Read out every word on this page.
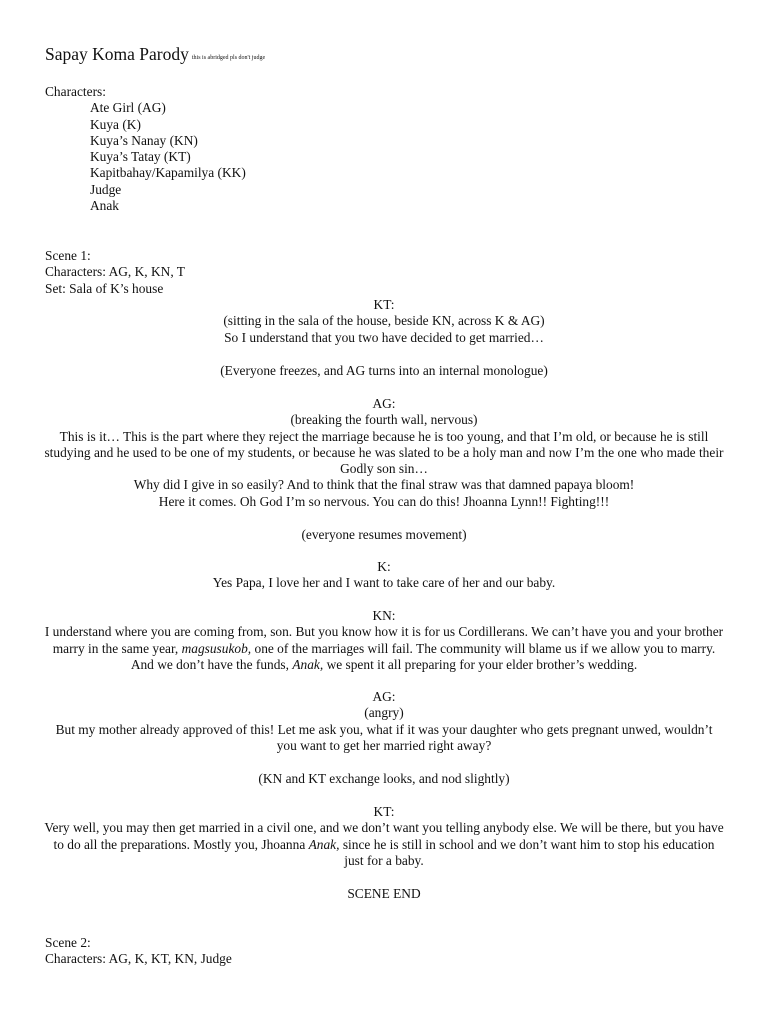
Sapay Koma Parody this is abridged pls don't judge
Characters:
Ate Girl (AG)
Kuya (K)
Kuya’s Nanay (KN)
Kuya’s Tatay (KT)
Kapitbahay/Kapamilya (KK)
Judge
Anak
Scene 1:
Characters: AG, K, KN, T
Set: Sala of K’s house
KT:
(sitting in the sala of the house, beside KN, across K & AG)
So I understand that you two have decided to get married…
(Everyone freezes, and AG turns into an internal monologue)
AG:
(breaking the fourth wall, nervous)
This is it… This is the part where they reject the marriage because he is too young, and that I’m old, or because he is still studying and he used to be one of my students, or because he was slated to be a holy man and now I’m the one who made their Godly son sin…
Why did I give in so easily? And to think that the final straw was that damned papaya bloom!
Here it comes. Oh God I’m so nervous. You can do this! Jhoanna Lynn!! Fighting!!!
(everyone resumes movement)
K:
Yes Papa, I love her and I want to take care of her and our baby.
KN:
I understand where you are coming from, son. But you know how it is for us Cordillerans. We can’t have you and your brother marry in the same year, magsusukob, one of the marriages will fail. The community will blame us if we allow you to marry. And we don’t have the funds, Anak, we spent it all preparing for your elder brother’s wedding.
AG:
(angry)
But my mother already approved of this! Let me ask you, what if it was your daughter who gets pregnant unwed, wouldn’t you want to get her married right away?
(KN and KT exchange looks, and nod slightly)
KT:
Very well, you may then get married in a civil one, and we don’t want you telling anybody else. We will be there, but you have to do all the preparations. Mostly you, Jhoanna Anak, since he is still in school and we don’t want him to stop his education just for a baby.
SCENE END
Scene 2:
Characters: AG, K, KT, KN, Judge
